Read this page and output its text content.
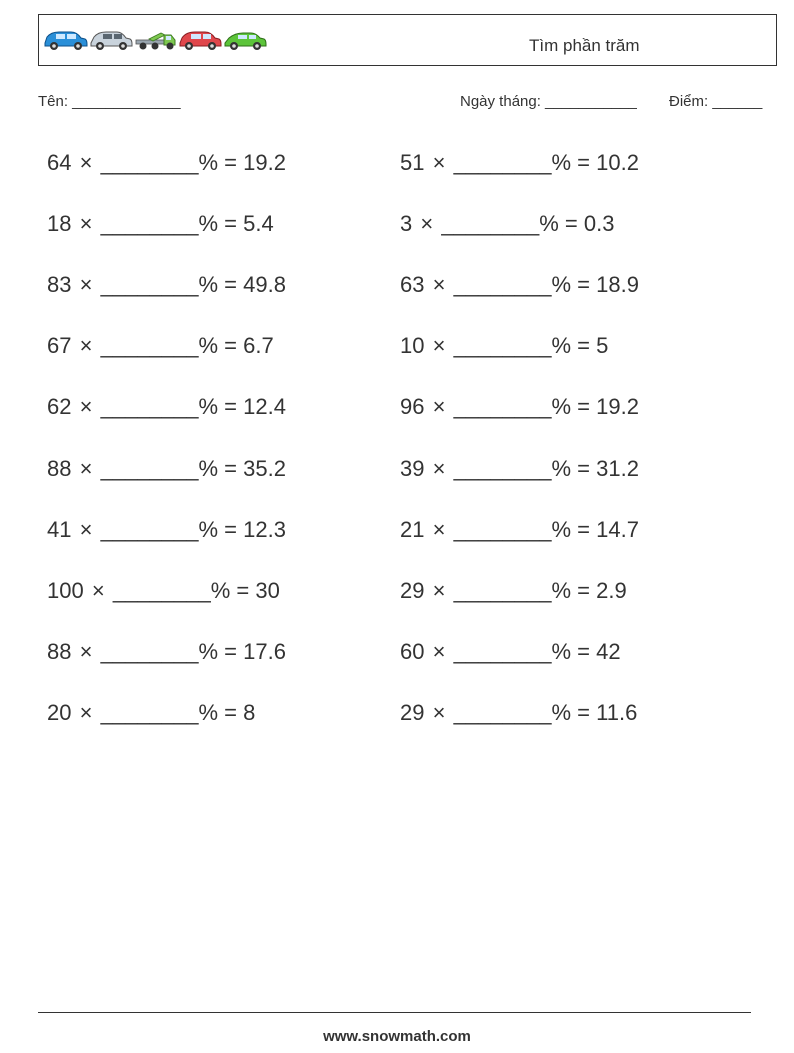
Tìm phần trăm
Tên: _____________	Ngày tháng: ___________ Điểm: ______
64 × ________% = 19.2	51 × ________% = 10.2
18 × ________% = 5.4	3 × ________% = 0.3
83 × ________% = 49.8	63 × ________% = 18.9
67 × ________% = 6.7	10 × ________% = 5
62 × ________% = 12.4	96 × ________% = 19.2
88 × ________% = 35.2	39 × ________% = 31.2
41 × ________% = 12.3	21 × ________% = 14.7
100 × ________% = 30	29 × ________% = 2.9
88 × ________% = 17.6	60 × ________% = 42
20 × ________% = 8	29 × ________% = 11.6
www.snowmath.com
